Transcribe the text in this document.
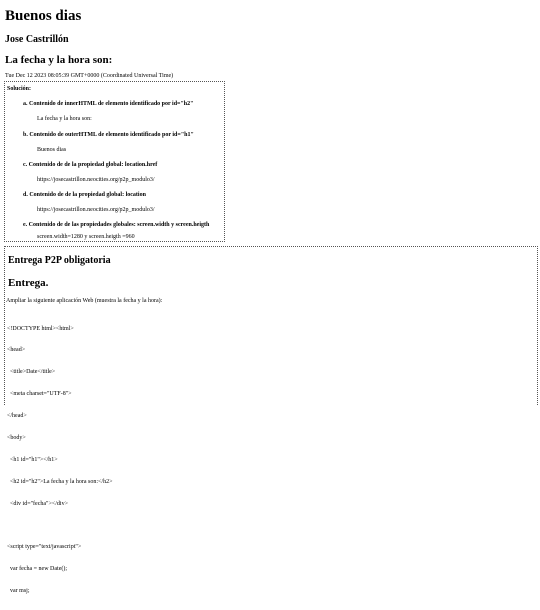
Buenos dias
Jose Castrillón
La fecha y la hora son:
Tue Dec 12 2023 08:05:39 GMT+0000 (Coordinated Universal Time)
Solución:
a. Contenido de innerHTML de elemento identificado por id="h2"
La fecha y la hora son:
b. Contenido de outerHTML de elemento identificado por id="h1"
Buenos dias
c. Contenido de de la propiedad global: location.href
https://josecastrillon.neocities.org/p2p_modulo3/
d. Contenido de de la propiedad global: location
https://josecastrillon.neocities.org/p2p_modulo3/
e. Contenido de de las propiedades globales: screen.width y screen.heigth
screen.width=1280 y screen.heigth =960
Entrega P2P obligatoria
Entrega.
Ampliar la siguiente aplicación Web (muestra la fecha y la hora):

<!DOCTYPE html><html>

<head>

<title>Date</title>

<meta charset="UTF-8">

</head>

<body>

<h1 id="h1"></h1>

<h2 id="h2">La fecha y la hora son:</h2>

<div id="fecha"></div>

<script type="text/javascript">

var fecha = new Date();

var msj;
